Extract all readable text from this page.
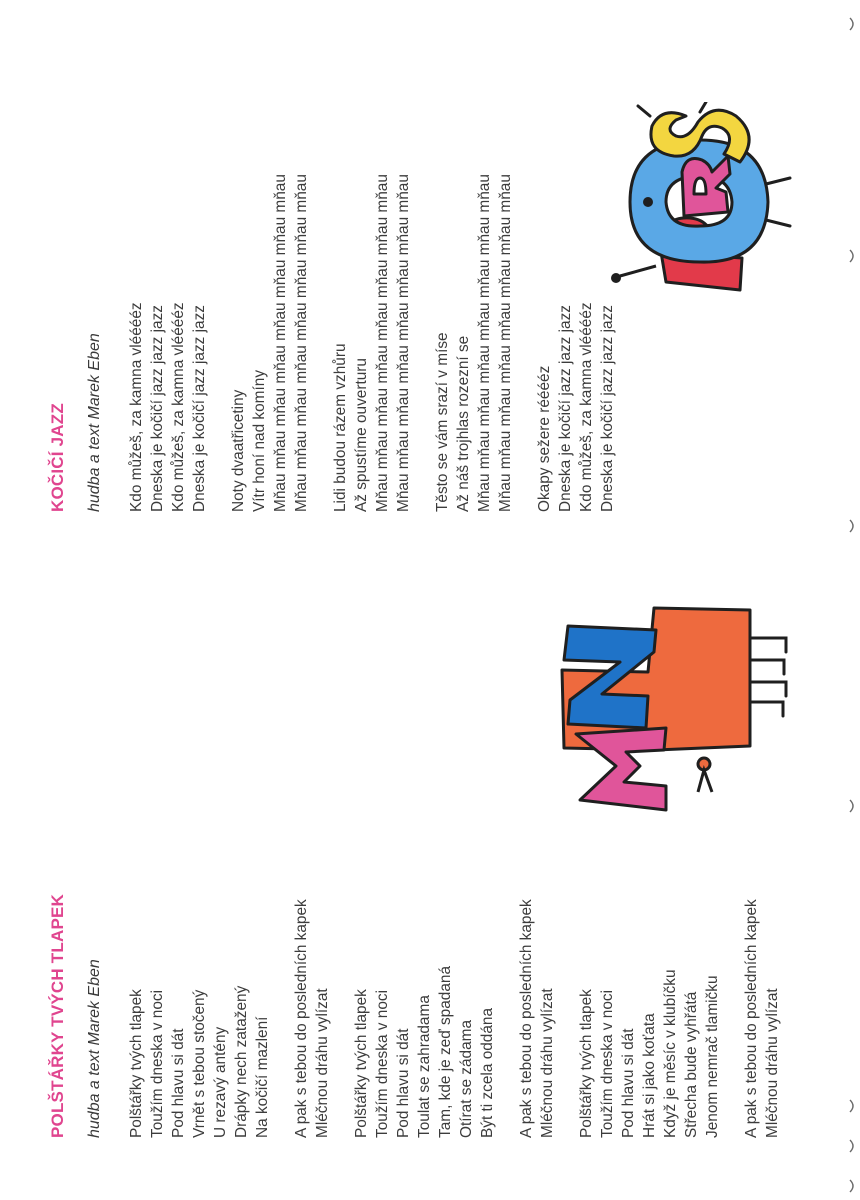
POLŠTÁŘKY TVÝCH TLAPEK hudba a text Marek Eben Polštářky tvých tlapek Toužím dneska v noci Pod hlavu si dát Vrnět s tebou stočený U rezavý antény Drápky nech zatažený Na kočičí mazlení A pak s tebou do posledních kapek Mléčnou dráhu vylízat Polštářky tvých tlapek Toužím dneska v noci Pod hlavu si dát Toulat se zahradama Tam, kde je zeď spadaná Otírat se zádama Být ti zcela oddána A pak s tebou do posledních kapek Mléčnou dráhu vylízat Polštářky tvých tlapek Toužím dneska v noci Pod hlavu si dát Hrát si jako koťata Když je měsíc v klubíčku Střecha bude vyhřátá Jenom nemrač tlamičku A pak s tebou do posledních kapek Mléčnou dráhu vylízat
KOČIČÍ JAZZ hudba a text Marek Eben Kdo můžeš, za kamna vlééééz Dneska je kočičí jazz jazz jazz Kdo můžeš, za kamna vlééééz Dneska je kočičí jazz jazz jazz Noty dvaatřicetiny Vítr honí nad komíny Mňau mňau mňau mňau mňau mňau mňau mňau Mňau mňau mňau mňau mňau mňau mňau mňau Lidi budou rázem vzhůru Až spustíme ouverturu Mňau mňau mňau mňau mňau mňau mňau mňau Mňau mňau mňau mňau mňau mňau mňau mňau Těsto se vám srazí v míse Až náš trojhlas rozezní se Mňau mňau mňau mňau mňau mňau mňau mňau Mňau mňau mňau mňau mňau mňau mňau mňau Okapy sežere rééééz Dneska je kočičí jazz jazz jazz Kdo můžeš, za kamna vlééééz Dneska je kočičí jazz jazz jazz
